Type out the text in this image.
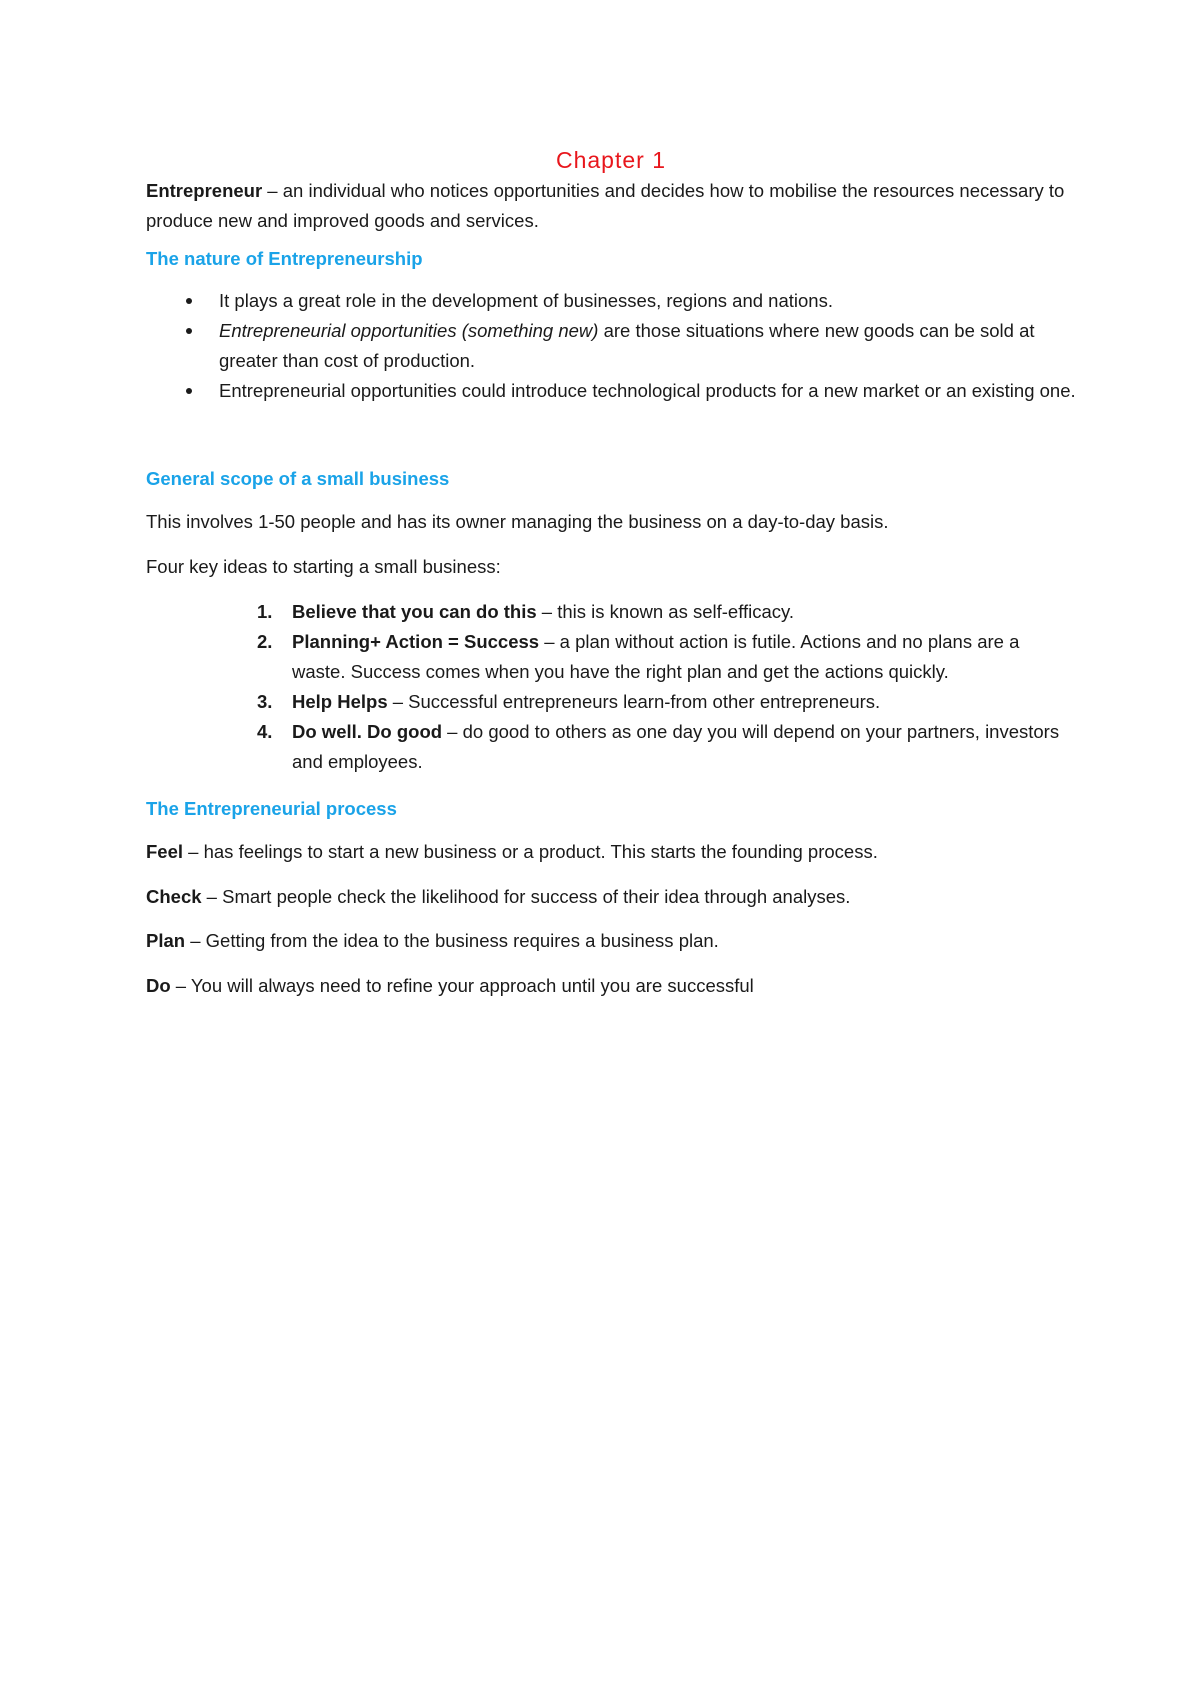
Chapter 1

Entrepreneur – an individual who notices opportunities and decides how to mobilise the resources necessary to produce new and improved goods and services.

The nature of Entrepreneurship
It plays a great role in the development of businesses, regions and nations.
Entrepreneurial opportunities (something new) are those situations where new goods can be sold at greater than cost of production.
Entrepreneurial opportunities could introduce technological products for a new market or an existing one.
General scope of a small business

This involves 1-50 people and has its owner managing the business on a day-to-day basis.

Four key ideas to starting a small business:

1. Believe that you can do this – this is known as self-efficacy.
2. Planning+ Action = Success – a plan without action is futile. Actions and no plans are a waste. Success comes when you have the right plan and get the actions quickly.
3. Help Helps – Successful entrepreneurs learn-from other entrepreneurs.
4. Do well. Do good – do good to others as one day you will depend on your partners, investors and employees.
The Entrepreneurial process

Feel – has feelings to start a new business or a product. This starts the founding process.

Check – Smart people check the likelihood for success of their idea through analyses.

Plan – Getting from the idea to the business requires a business plan.

Do – You will always need to refine your approach until you are successful
